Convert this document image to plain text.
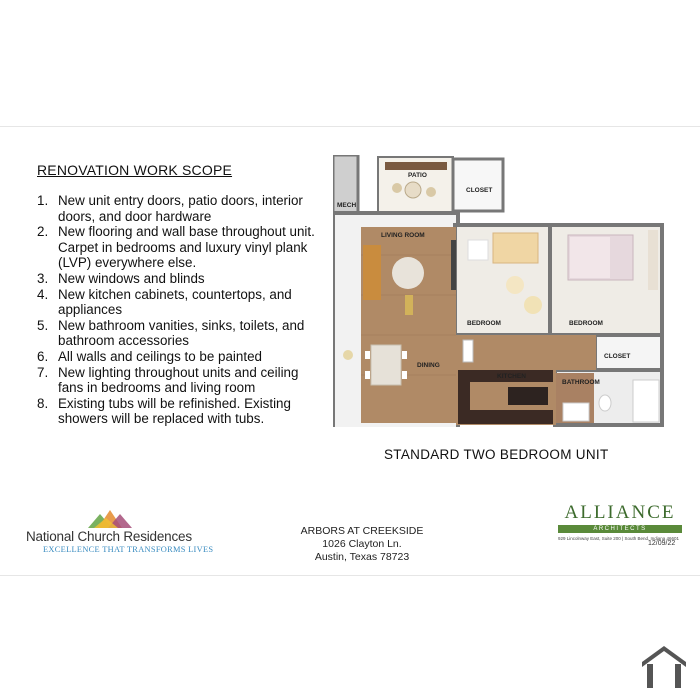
RENOVATION WORK SCOPE
1. New unit entry doors, patio doors, interior doors, and door hardware
2. New flooring and wall base throughout unit. Carpet in bedrooms and luxury vinyl plank (LVP) everywhere else.
3. New windows and blinds
4. New kitchen cabinets, countertops, and appliances
5. New bathroom vanities, sinks, toilets, and bathroom accessories
6. All walls and ceilings to be painted
7. New lighting throughout units and ceiling fans in bedrooms and living room
8. Existing tubs will be refinished. Existing showers will be replaced with tubs.
PATIO
CLOSET
MECH
LIVING ROOM
BEDROOM	BEDROOM
CLOSET
DINING
KITCHEN
BATHROOM
STANDARD TWO BEDROOM UNIT
National Church Residences
EXCELLENCE THAT TRANSFORMS LIVES
ARBORS AT CREEKSIDE
1026 Clayton Ln.
Austin, Texas 78723
ALLIANCE
ARCHITECTS
929 Lincolnway East, Suite 200 | South Bend, Indiana 46601
12/09/22
